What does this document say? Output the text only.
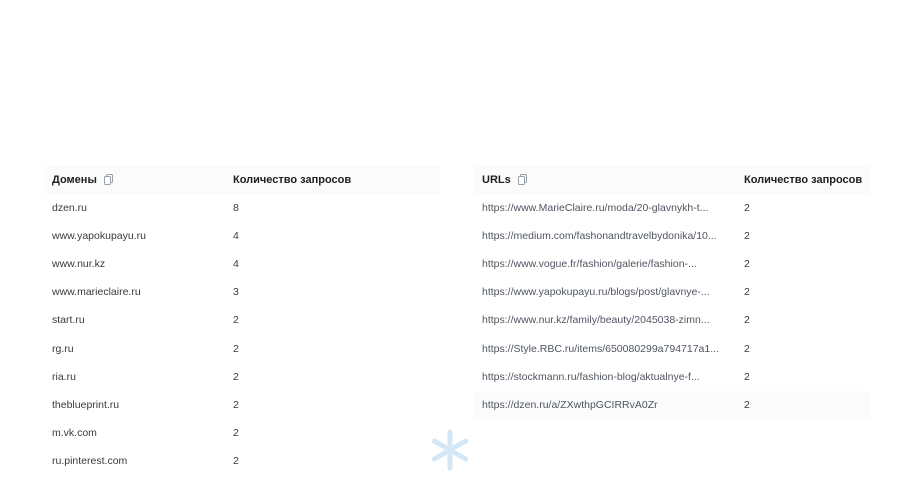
Домены	Количество запросов
dzen.ru	8
www.yapokupayu.ru	4
www.nur.kz	4
www.marieclaire.ru	3
start.ru	2
rg.ru	2
ria.ru	2
theblueprint.ru	2
m.vk.com	2
ru.pinterest.com	2
URLs	Количество запросов
https://www.MarieClaire.ru/moda/20-glavnykh-t...	2
https://medium.com/fashonandtravelbydonika/10...	2
https://www.vogue.fr/fashion/galerie/fashion-...	2
https://www.yapokupayu.ru/blogs/post/glavnye-...	2
https://www.nur.kz/family/beauty/2045038-zimn...	2
https://Style.RBC.ru/items/650080299a794717a1...	2
https://stockmann.ru/fashion-blog/aktualnye-f...	2
https://dzen.ru/a/ZXwthpGCIRRvA0Zr	2
